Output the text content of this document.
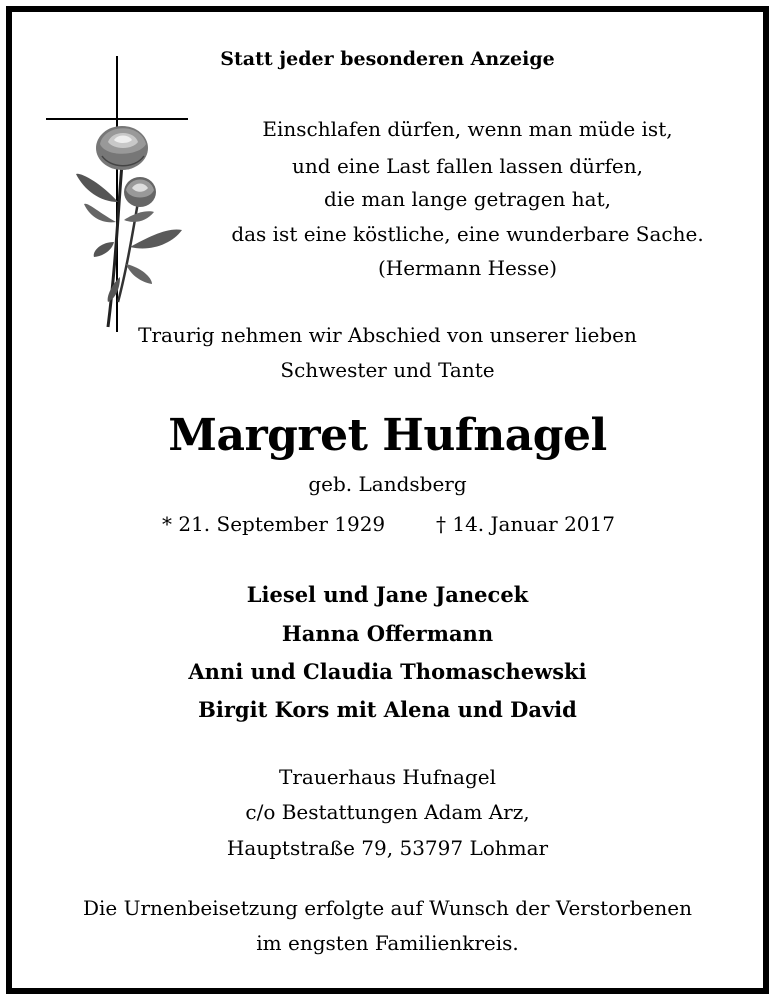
Statt jeder besonderen Anzeige
Einschlafen dürfen, wenn man müde ist,
und eine Last fallen lassen dürfen,
die man lange getragen hat,
das ist eine köstliche, eine wunderbare Sache.
(Hermann Hesse)
Traurig nehmen wir Abschied von unserer lieben
Schwester und Tante
Margret Hufnagel
geb. Landsberg
* 21. September 1929	† 14. Januar 2017
Liesel und Jane Janecek
Hanna Offermann
Anni und Claudia Thomaschewski
Birgit Kors mit Alena und David
Trauerhaus Hufnagel
c/o Bestattungen Adam Arz,
Hauptstraße 79, 53797 Lohmar
Die Urnenbeisetzung erfolgte auf Wunsch der Verstorbenen
im engsten Familienkreis.
